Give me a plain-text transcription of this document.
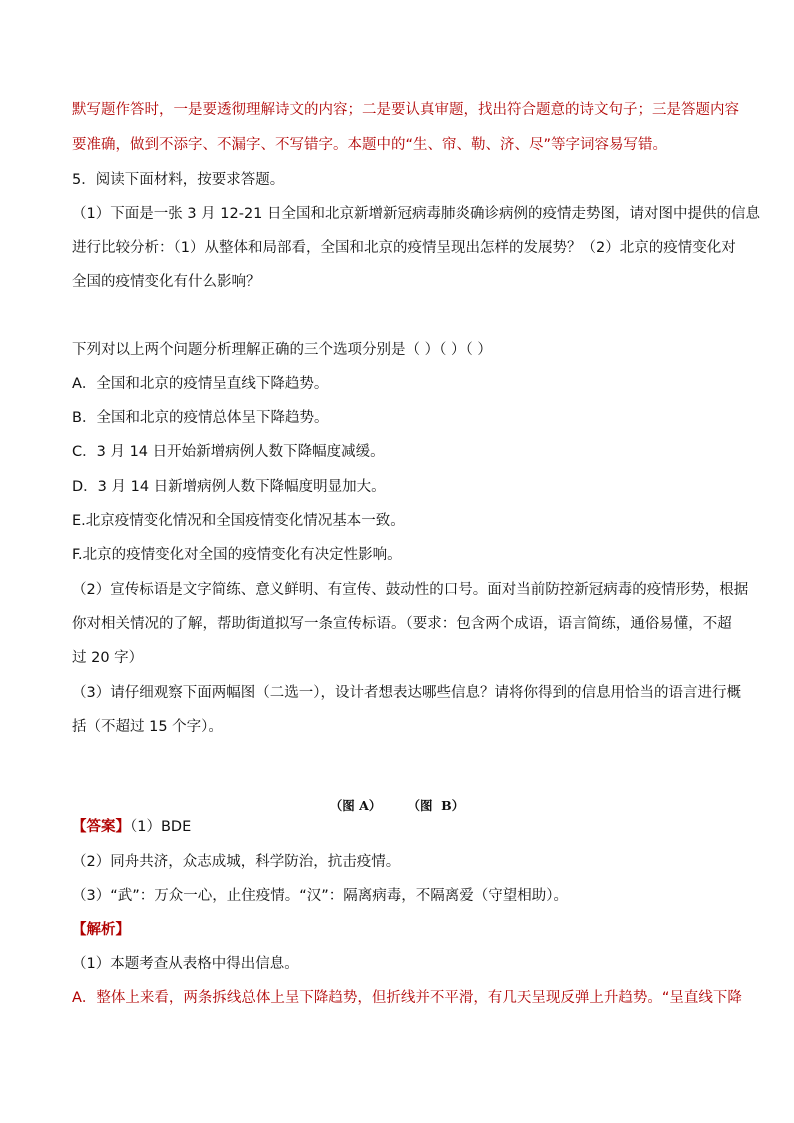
默写题作答时，一是要透彻理解诗文的内容；二是要认真审题，找出符合题意的诗文句子；三是答题内容

要准确，做到不添字、不漏字、不写错字。本题中的“生、帘、勒、济、尽”等字词容易写错。

5．阅读下面材料，按要求答题。

（1）下面是一张 3 月 12-21 日全国和北京新增新冠病毒肺炎确诊病例的疫情走势图，请对图中提供的信息

进行比较分析：（1）从整体和局部看，全国和北京的疫情呈现出怎样的发展势？（2）北京的疫情变化对

全国的疫情变化有什么影响？

下列对以上两个问题分析理解正确的三个选项分别是（ ）（ ）（ ）

A．全国和北京的疫情呈直线下降趋势。

B．全国和北京的疫情总体呈下降趋势。

C．3 月 14 日开始新增病例人数下降幅度减缓。

D．3 月 14 日新增病例人数下降幅度明显加大。

E.北京疫情变化情况和全国疫情变化情况基本一致。

F.北京的疫情变化对全国的疫情变化有决定性影响。

（2）宣传标语是文字简练、意义鲜明、有宣传、鼓动性的口号。面对当前防控新冠病毒的疫情形势，根据

你对相关情况的了解，帮助街道拟写一条宣传标语。（要求：包含两个成语，语言简练，通俗易懂，不超

过 20 字）

（3）请仔细观察下面两幅图（二选一），设计者想表达哪些信息？请将你得到的信息用恰当的语言进行概

括（不超过 15 个字）。

（图 A）      （图  B）

【答案】（1）BDE

（2）同舟共济，众志成城，科学防治，抗击疫情。

（3）“武”：万众一心，止住疫情。“汉”：隔离病毒，不隔离爱（守望相助）。

【解析】

（1）本题考查从表格中得出信息。

A．整体上来看，两条拆线总体上呈下降趋势，但折线并不平滑，有几天呈现反弹上升趋势。“呈直线下降
